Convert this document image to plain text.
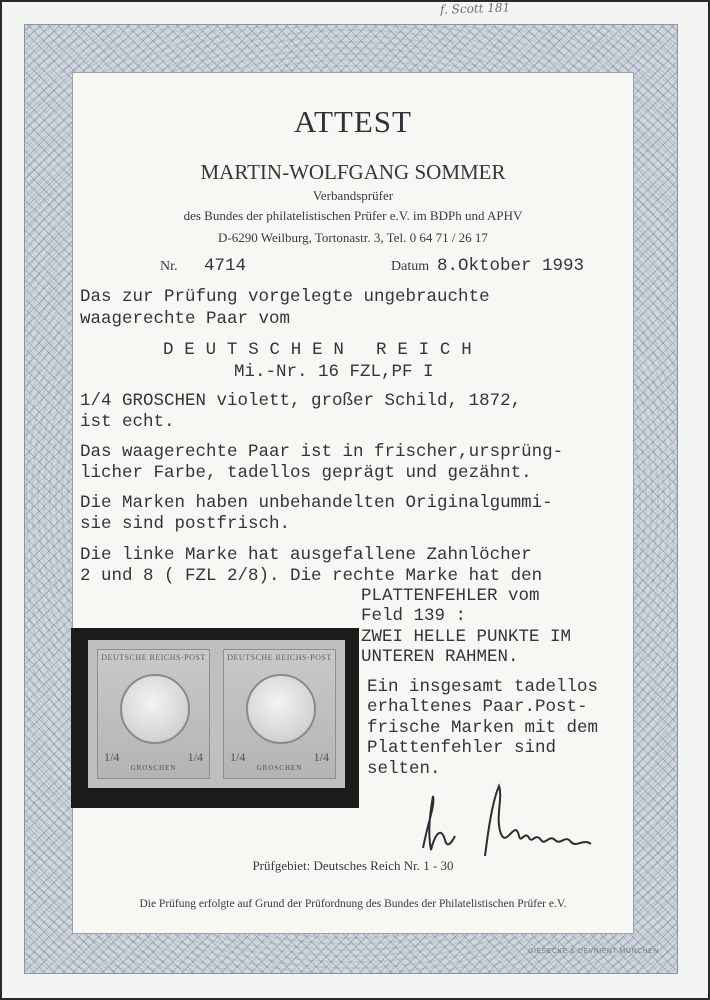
f. Scott 181
ATTEST
MARTIN-WOLFGANG SOMMER
Verbandsprüfer
des Bundes der philatelistischen Prüfer e.V. im BDPh und APHV
D-6290 Weilburg, Tortonastr. 3, Tel. 0 64 71 / 26 17
Nr. 4714	Datum 8.Oktober 1993
Das zur Prüfung vorgelegte ungebrauchte
waagerechte Paar vom
DEUTSCHEN REICH
Mi.-Nr. 16 FZL,PF I
1/4 GROSCHEN violett, großer Schild, 1872,
ist echt.
Das waagerechte Paar ist in frischer,ursprüng-
licher Farbe, tadellos geprägt und gezähnt.
Die Marken haben unbehandelten Originalgummi-
sie sind postfrisch.
Die linke Marke hat ausgefallene Zahnlöcher
2 und 8 ( FZL 2/8). Die rechte Marke hat den
PLATTENFEHLER vom
Feld 139 :
ZWEI HELLE PUNKTE IM
UNTEREN RAHMEN.
Ein insgesamt tadellos
erhaltenes Paar.Post-
frische Marken mit dem
Plattenfehler sind
selten.
DEUTSCHE REICHS-POST
1/4	1/4
GROSCHEN
DEUTSCHE REICHS-POST
1/4	1/4
GROSCHEN
Prüfgebiet: Deutsches Reich Nr. 1 - 30
Die Prüfung erfolgte auf Grund der Prüfordnung des Bundes der Philatelistischen Prüfer e.V.
GIESECKE & DEVRIENT MÜNCHEN
